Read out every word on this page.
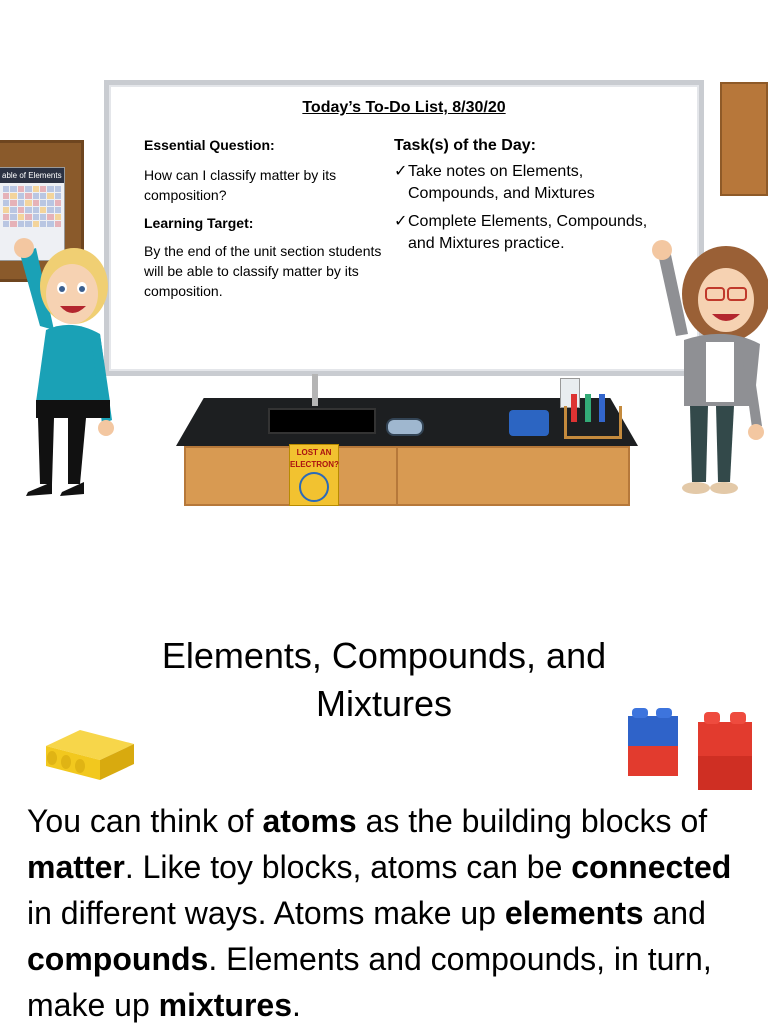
able of Elements
Today’s To-Do List, 8/30/20

Essential Question:

How can I classify matter by its composition?

Learning Target:

By the end of the unit section students will be able to classify matter by its composition.

Task(s) of the Day:

✓ Take notes on Elements, Compounds, and Mixtures
✓ Complete Elements, Compounds, and Mixtures practice.
LOST AN
ELECTRON?
Elements, Compounds, and
Mixtures

You can think of atoms as the building blocks of matter. Like toy blocks, atoms can be connected in different ways. Atoms make up elements and compounds. Elements and compounds, in turn, make up mixtures.
